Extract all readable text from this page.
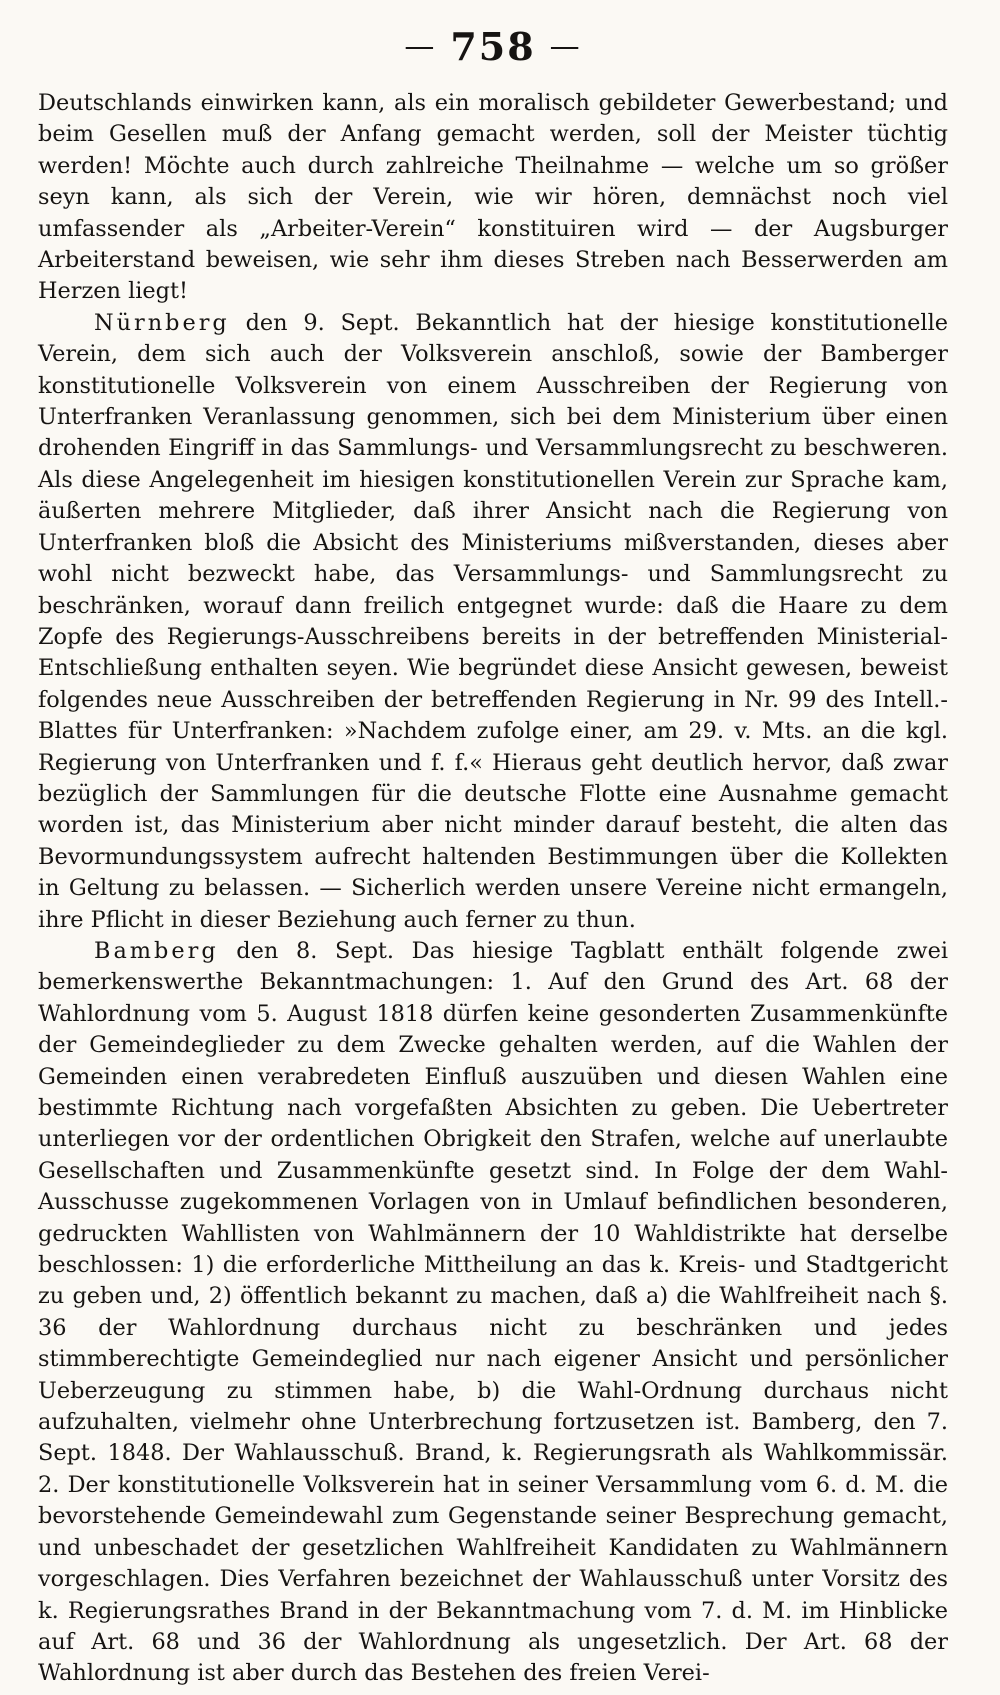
— 758 —

Deutschlands einwirken kann, als ein moralisch gebildeter Gewerbestand; und beim Gesellen muß der Anfang gemacht werden, soll der Meister tüchtig werden! Möchte auch durch zahlreiche Theilnahme — welche um so größer seyn kann, als sich der Verein, wie wir hören, demnächst noch viel umfassender als „Arbeiter-Verein“ konstituiren wird — der Augsburger Arbeiterstand beweisen, wie sehr ihm dieses Streben nach Besserwerden am Herzen liegt!

Nürnberg den 9. Sept. Bekanntlich hat der hiesige konstitutionelle Verein, dem sich auch der Volksverein anschloß, sowie der Bamberger konstitutionelle Volksverein von einem Ausschreiben der Regierung von Unterfranken Veranlassung genommen, sich bei dem Ministerium über einen drohenden Eingriff in das Sammlungs- und Versammlungsrecht zu beschweren. Als diese Angelegenheit im hiesigen konstitutionellen Verein zur Sprache kam, äußerten mehrere Mitglieder, daß ihrer Ansicht nach die Regierung von Unterfranken bloß die Absicht des Ministeriums mißverstanden, dieses aber wohl nicht bezweckt habe, das Versammlungs- und Sammlungsrecht zu beschränken, worauf dann freilich entgegnet wurde: daß die Haare zu dem Zopfe des Regierungs-Ausschreibens bereits in der betreffenden Ministerial-Entschließung enthalten seyen. Wie begründet diese Ansicht gewesen, beweist folgendes neue Ausschreiben der betreffenden Regierung in Nr. 99 des Intell.-Blattes für Unterfranken: »Nachdem zufolge einer, am 29. v. Mts. an die kgl. Regierung von Unterfranken und f. f.« Hieraus geht deutlich hervor, daß zwar bezüglich der Sammlungen für die deutsche Flotte eine Ausnahme gemacht worden ist, das Ministerium aber nicht minder darauf besteht, die alten das Bevormundungssystem aufrecht haltenden Bestimmungen über die Kollekten in Geltung zu belassen. — Sicherlich werden unsere Vereine nicht ermangeln, ihre Pflicht in dieser Beziehung auch ferner zu thun.

Bamberg den 8. Sept. Das hiesige Tagblatt enthält folgende zwei bemerkenswerthe Bekanntmachungen: 1. Auf den Grund des Art. 68 der Wahlordnung vom 5. August 1818 dürfen keine gesonderten Zusammenkünfte der Gemeindeglieder zu dem Zwecke gehalten werden, auf die Wahlen der Gemeinden einen verabredeten Einfluß auszuüben und diesen Wahlen eine bestimmte Richtung nach vorgefaßten Absichten zu geben. Die Uebertreter unterliegen vor der ordentlichen Obrigkeit den Strafen, welche auf unerlaubte Gesellschaften und Zusammenkünfte gesetzt sind. In Folge der dem Wahl-Ausschusse zugekommenen Vorlagen von in Umlauf befindlichen besonderen, gedruckten Wahllisten von Wahlmännern der 10 Wahldistrikte hat derselbe beschlossen: 1) die erforderliche Mittheilung an das k. Kreis- und Stadtgericht zu geben und, 2) öffentlich bekannt zu machen, daß a) die Wahlfreiheit nach §. 36 der Wahlordnung durchaus nicht zu beschränken und jedes stimmberechtigte Gemeindeglied nur nach eigener Ansicht und persönlicher Ueberzeugung zu stimmen habe, b) die Wahl-Ordnung durchaus nicht aufzuhalten, vielmehr ohne Unterbrechung fortzusetzen ist. Bamberg, den 7. Sept. 1848. Der Wahlausschuß. Brand, k. Regierungsrath als Wahlkommissär. 2. Der konstitutionelle Volksverein hat in seiner Versammlung vom 6. d. M. die bevorstehende Gemeindewahl zum Gegenstande seiner Besprechung gemacht, und unbeschadet der gesetzlichen Wahlfreiheit Kandidaten zu Wahlmännern vorgeschlagen. Dies Verfahren bezeichnet der Wahlausschuß unter Vorsitz des k. Regierungsrathes Brand in der Bekanntmachung vom 7. d. M. im Hinblicke auf Art. 68 und 36 der Wahlordnung als ungesetzlich. Der Art. 68 der Wahlordnung ist aber durch das Bestehen des freien Verei-
